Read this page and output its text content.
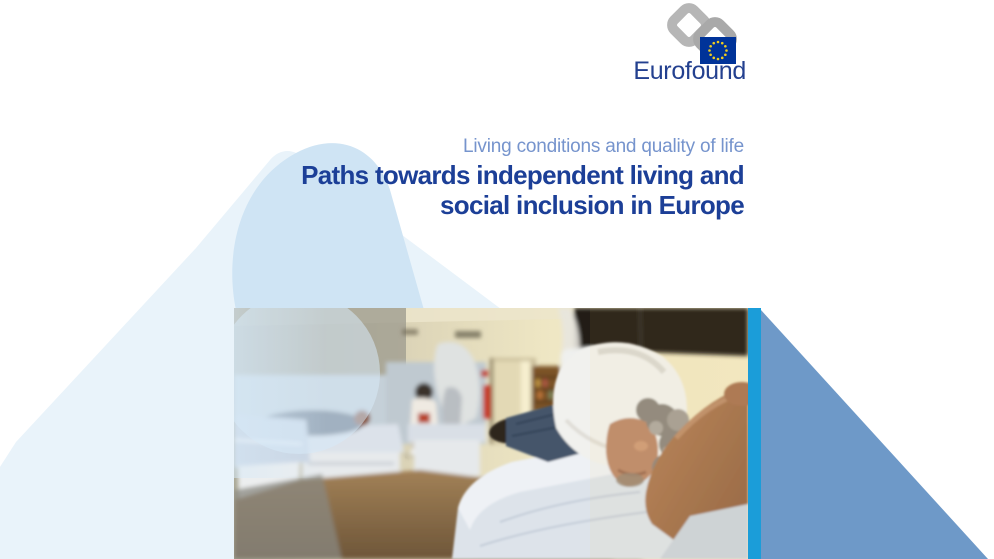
Eurofound
Living conditions and quality of life
Paths towards independent living and
social inclusion in Europe
